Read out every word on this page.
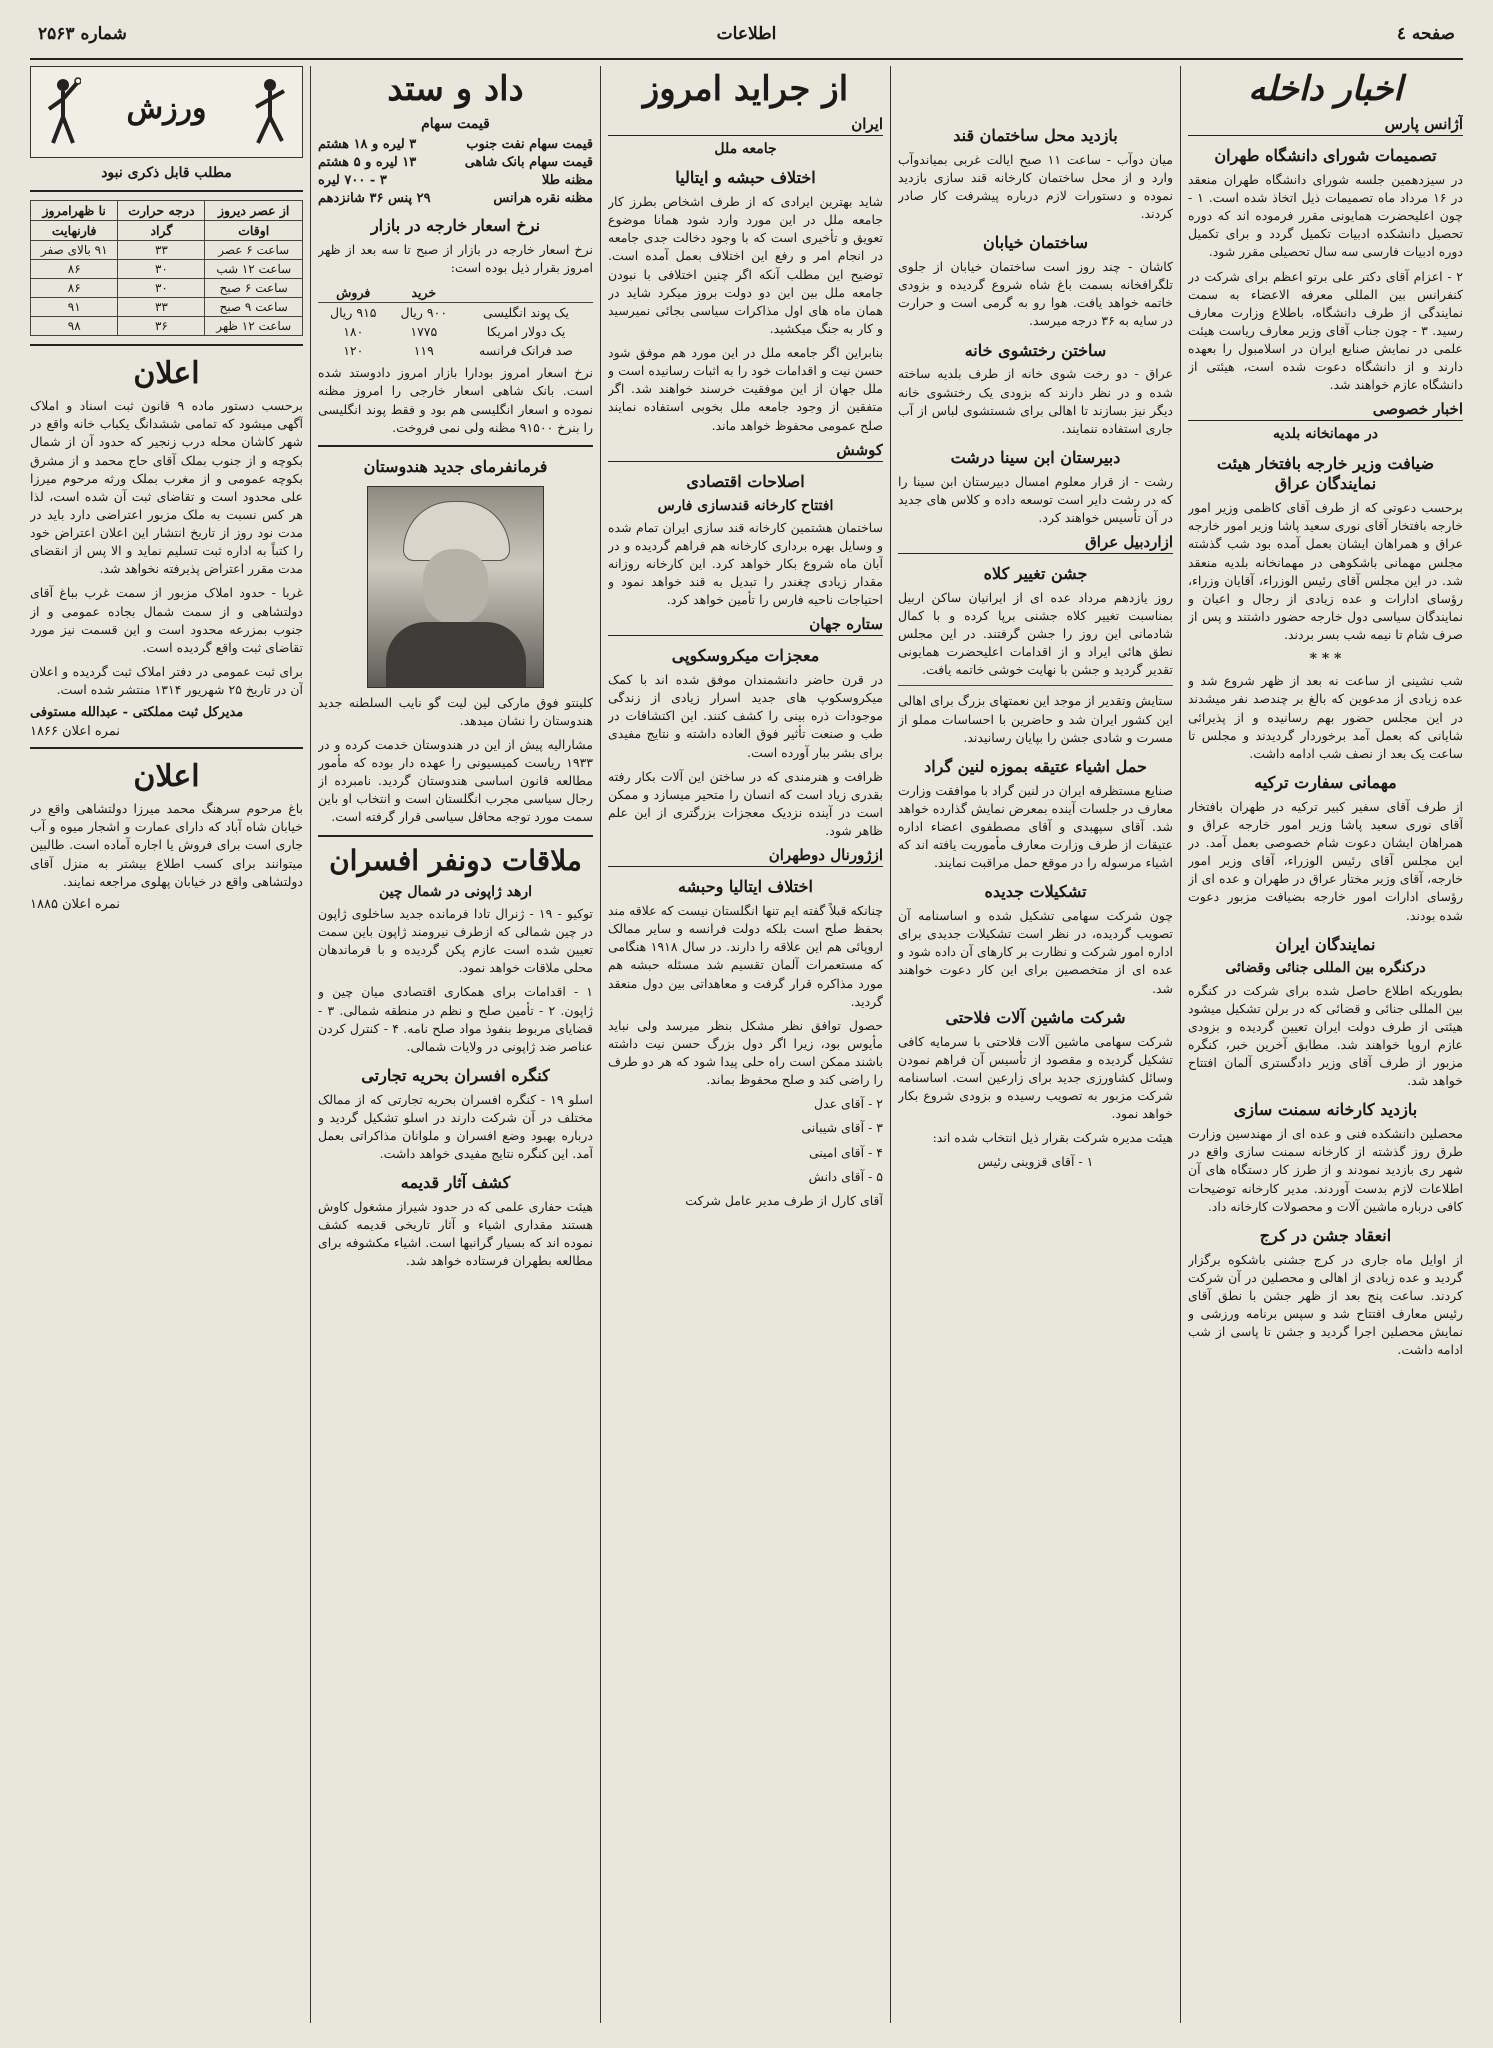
صفحه ٤
اطلاعات
شماره ۲۵۶۳
اخبار داخله
آژانس پارس
تصمیمات شورای دانشگاه طهران
در سیزدهمین جلسه شورای دانشگاه طهران منعقد در ۱۶ مرداد ماه تصمیمات ذیل اتخاذ شده است. ۱ - چون اعلیحضرت همایونی مقرر فرموده اند که دوره تحصیل دانشکده ادبیات تکمیل گردد و برای تکمیل دوره ادبیات فارسی سه سال تحصیلی مقرر شود.
۲ - اعزام آقای دکتر علی برتو اعظم برای شرکت در کنفرانس بین المللی معرفه الاعضاء به سمت نمایندگی از طرف دانشگاه، باطلاع وزارت معارف رسید. ۳ - چون جناب آقای وزیر معارف ریاست هیئت علمی در نمایش صنایع ایران در اسلامبول را بعهده دارند و از دانشگاه دعوت شده است، هیئتی از دانشگاه عازم خواهند شد.
اخبار خصوصی
در مهمانخانه بلدیه
ضیافت وزیر خارجه بافتخار هیئت نمایندگان عراق
برحسب دعوتی که از طرف آقای کاظمی وزیر امور خارجه بافتخار آقای نوری سعید پاشا وزیر امور خارجه عراق و همراهان ایشان بعمل آمده بود شب گذشته مجلس مهمانی باشکوهی در مهمانخانه بلدیه منعقد شد. در این مجلس آقای رئیس الوزراء، آقایان وزراء، رؤسای ادارات و عده زیادی از رجال و اعیان و نمایندگان سیاسی دول خارجه حضور داشتند و پس از صرف شام تا نیمه شب بسر بردند.
* * *
شب نشینی از ساعت نه بعد از ظهر شروع شد و عده زیادی از مدعوین که بالغ بر چندصد نفر میشدند در این مجلس حضور بهم رسانیده و از پذیرائی شایانی که بعمل آمد برخوردار گردیدند و مجلس تا ساعت یک بعد از نصف شب ادامه داشت.
مهمانی سفارت ترکیه
از طرف آقای سفیر کبیر ترکیه در طهران بافتخار آقای نوری سعید پاشا وزیر امور خارجه عراق و همراهان ایشان دعوت شام خصوصی بعمل آمد. در این مجلس آقای رئیس الوزراء، آقای وزیر امور خارجه، آقای وزیر مختار عراق در طهران و عده ای از رؤسای ادارات امور خارجه بضیافت مزبور دعوت شده بودند.
نمایندگان ایران
درکنگره بین المللی جنائی وقضائی
بطوریکه اطلاع حاصل شده برای شرکت در کنگره بین المللی جنائی و قضائی که در برلن تشکیل میشود هیئتی از طرف دولت ایران تعیین گردیده و بزودی عازم اروپا خواهند شد. مطابق آخرین خبر، کنگره مزبور از طرف آقای وزیر دادگستری آلمان افتتاح خواهد شد.
بازدید کارخانه سمنت سازی
محصلین دانشکده فنی و عده ای از مهندسین وزارت طرق روز گذشته از کارخانه سمنت سازی واقع در شهر ری بازدید نمودند و از طرز کار دستگاه های آن اطلاعات لازم بدست آوردند. مدیر کارخانه توضیحات کافی درباره ماشین آلات و محصولات کارخانه داد.
انعقاد جشن در کرج
از اوایل ماه جاری در کرج جشنی باشکوه برگزار گردید و عده زیادی از اهالی و محصلین در آن شرکت کردند. ساعت پنج بعد از ظهر جشن با نطق آقای رئیس معارف افتتاح شد و سپس برنامه ورزشی و نمایش محصلین اجرا گردید و جشن تا پاسی از شب ادامه داشت.
بازدید محل ساختمان قند
میان دوآب - ساعت ۱۱ صبح ایالت غربی بمیاندوآب وارد و از محل ساختمان کارخانه قند سازی بازدید نموده و دستورات لازم درباره پیشرفت کار صادر کردند.
ساختمان خیابان
کاشان - چند روز است ساختمان خیابان از جلوی تلگرافخانه بسمت باغ شاه شروع گردیده و بزودی خاتمه خواهد یافت. هوا رو به گرمی است و حرارت در سایه به ۳۶ درجه میرسد.
ساختن رختشوی خانه
عراق - دو رخت شوی خانه از طرف بلدیه ساخته شده و در نظر دارند که بزودی یک رختشوی خانه دیگر نیز بسازند تا اهالی برای شستشوی لباس از آب جاری استفاده ننمایند.
دبیرستان ابن سینا درشت
رشت - از قرار معلوم امسال دبیرستان ابن سینا را که در رشت دایر است توسعه داده و کلاس های جدید در آن تأسیس خواهند کرد.
ازاردبیل عراق
جشن تغییر کلاه
روز یازدهم مرداد عده ای از ایرانیان ساکن اربیل بمناسبت تغییر کلاه جشنی برپا کرده و با کمال شادمانی این روز را جشن گرفتند. در این مجلس نطق هائی ایراد و از اقدامات اعلیحضرت همایونی تقدیر گردید و جشن با نهایت خوشی خاتمه یافت.
ستایش وتقدیر از موجد این نعمتهای بزرگ برای اهالی این کشور ایران شد و حاضرین با احساسات مملو از مسرت و شادی جشن را بپایان رسانیدند.
حمل اشیاء عتیقه بموزه لنین گراد
صنایع مستظرفه ایران در لنین گراد با موافقت وزارت معارف در جلسات آینده بمعرض نمایش گذارده خواهد شد. آقای سپهبدی و آقای مصطفوی اعضاء اداره عتیقات از طرف وزارت معارف مأموریت یافته اند که اشیاء مرسوله را در موقع حمل مراقبت نمایند.
تشکیلات جدیده
چون شرکت سهامی تشکیل شده و اساسنامه آن تصویب گردیده، در نظر است تشکیلات جدیدی برای اداره امور شرکت و نظارت بر کارهای آن داده شود و عده ای از متخصصین برای این کار دعوت خواهند شد.
شرکت ماشین آلات فلاحتی
شرکت سهامی ماشین آلات فلاحتی با سرمایه کافی تشکیل گردیده و مقصود از تأسیس آن فراهم نمودن وسائل کشاورزی جدید برای زارعین است. اساسنامه شرکت مزبور به تصویب رسیده و بزودی شروع بکار خواهد نمود.
هیئت مدیره شرکت بقرار ذیل انتخاب شده اند:
۱ - آقای قزوینی رئیس
از جراید امروز
ایران
جامعه ملل
اختلاف حبشه و ایتالیا
شاید بهترین ایرادی که از طرف اشخاص بطرز کار جامعه ملل در این مورد وارد شود همانا موضوع تعویق و تأخیری است که با وجود دخالت جدی جامعه در انجام امر و رفع این اختلاف بعمل آمده است. توضیح این مطلب آنکه اگر چنین اختلافی با نبودن جامعه ملل بین این دو دولت بروز میکرد شاید در همان ماه های اول مذاکرات سیاسی بجائی نمیرسید و کار به جنگ میکشید.
بنابراین اگر جامعه ملل در این مورد هم موفق شود حسن نیت و اقدامات خود را به اثبات رسانیده است و ملل جهان از این موفقیت خرسند خواهند شد. اگر متفقین از وجود جامعه ملل بخوبی استفاده نمایند صلح عمومی محفوظ خواهد ماند.
کوشش
اصلاحات اقتصادی
افتتاح کارخانه قندسازی فارس
ساختمان هشتمین کارخانه قند سازی ایران تمام شده و وسایل بهره برداری کارخانه هم فراهم گردیده و در آبان ماه شروع بکار خواهد کرد. این کارخانه روزانه مقدار زیادی چغندر را تبدیل به قند خواهد نمود و احتیاجات ناحیه فارس را تأمین خواهد کرد.
ستاره جهان
معجزات میکروسکوپی
در قرن حاضر دانشمندان موفق شده اند با کمک میکروسکوپ های جدید اسرار زیادی از زندگی موجودات ذره بینی را کشف کنند. این اکتشافات در طب و صنعت تأثیر فوق العاده داشته و نتایج مفیدی برای بشر ببار آورده است.
ظرافت و هنرمندی که در ساختن این آلات بکار رفته بقدری زیاد است که انسان را متحیر میسازد و ممکن است در آینده نزدیک معجزات بزرگتری از این علم ظاهر شود.
ازژورنال دوطهران
اختلاف ایتالیا وحبشه
چنانکه قبلاً گفته ایم تنها انگلستان نیست که علاقه مند بحفظ صلح است بلکه دولت فرانسه و سایر ممالک اروپائی هم این علاقه را دارند. در سال ۱۹۱۸ هنگامی که مستعمرات آلمان تقسیم شد مسئله حبشه هم مورد مذاکره قرار گرفت و معاهداتی بین دول منعقد گردید.
حصول توافق نظر مشکل بنظر میرسد ولی نباید مأیوس بود، زیرا اگر دول بزرگ حسن نیت داشته باشند ممکن است راه حلی پیدا شود که هر دو طرف را راضی کند و صلح محفوظ بماند.
۲ - آقای عدل
۳ - آقای شیبانی
۴ - آقای امینی
۵ - آقای دانش
آقای کارل از طرف مدیر عامل شرکت
داد و ستد
قیمت سهام
قیمت سهام نفت جنوب
۳ لیره و ۱۸ هشتم
قیمت سهام بانک شاهی
۱۳ لیره و ۵ هشتم
مظنه طلا
۳ - ۷۰۰ لیره
مظنه نقره هرانس
۲۹ پنس ۳۶ شانزدهم
نرخ اسعار خارجه در بازار
نرخ اسعار خارجه در بازار از صبح تا سه بعد از ظهر امروز بقرار ذیل بوده است:
	خرید	فروش
یک پوند انگلیسی	۹۰۰ ریال	۹۱۵ ریال
یک دولار امریکا	۱۷۷۵	۱۸۰
صد فرانک فرانسه	۱۱۹	۱۲۰
نرخ اسعار امروز بودارا بازار امروز دادوستد شده است. بانک شاهی اسعار خارجی را امروز مظنه نموده و اسعار انگلیسی هم بود و فقط پوند انگلیسی را بنرخ ۹۱۵۰۰ مظنه ولی نمی فروخت.
فرمانفرمای جدید هندوستان
کلینتو فوق مارکی لین لیت گو نایب السلطنه جدید هندوستان را نشان میدهد.
مشارالیه پیش از این در هندوستان خدمت کرده و در ۱۹۳۳ ریاست کمیسیونی را عهده دار بوده که مأمور مطالعه قانون اساسی هندوستان گردید. نامبرده از رجال سیاسی مجرب انگلستان است و انتخاب او باین سمت مورد توجه محافل سیاسی قرار گرفته است.
ملاقات دونفر افسران
ارهد ژاپونی در شمال چین
توکیو - ۱۹ - ژنرال تادا فرمانده جدید ساخلوی ژاپون در چین شمالی که ازطرف نیرومند ژاپون باین سمت تعیین شده است عازم پکن گردیده و با فرماندهان محلی ملاقات خواهد نمود.
۱ - اقدامات برای همکاری اقتصادی میان چین و ژاپون. ۲ - تأمین صلح و نظم در منطقه شمالی. ۳ - قضایای مربوط بنفوذ مواد صلح نامه. ۴ - کنترل کردن عناصر ضد ژاپونی در ولایات شمالی.
کنگره افسران بحریه تجارتی
اسلو ۱۹ - کنگره افسران بحریه تجارتی که از ممالک مختلف در آن شرکت دارند در اسلو تشکیل گردید و درباره بهبود وضع افسران و ملوانان مذاکراتی بعمل آمد. این کنگره نتایج مفیدی خواهد داشت.
کشف آثار قدیمه
هیئت حفاری علمی که در حدود شیراز مشغول کاوش هستند مقداری اشیاء و آثار تاریخی قدیمه کشف نموده اند که بسیار گرانبها است. اشیاء مکشوفه برای مطالعه بطهران فرستاده خواهد شد.
ورزش
مطلب قابل ذکری نبود
از عصر دیروز	درجه حرارت	نا ظهرامروز
اوقات	گراد	فارنهایت
ساعت ۶ عصر	۳۳	۹۱ بالای صفر
ساعت ۱۲ شب	۳۰	۸۶
ساعت ۶ صبح	۳۰	۸۶
ساعت ۹ صبح	۳۳	۹۱
ساعت ۱۲ ظهر	۳۶	۹۸
اعلان
برحسب دستور ماده ۹ قانون ثبت اسناد و املاک آگهی میشود که تمامی ششدانگ یکباب خانه واقع در شهر کاشان محله درب زنجیر که حدود آن از شمال بکوچه و از جنوب بملک آقای حاج محمد و از مشرق بکوچه عمومی و از مغرب بملک ورثه مرحوم میرزا علی محدود است و تقاضای ثبت آن شده است، لذا هر کس نسبت به ملک مزبور اعتراضی دارد باید در مدت نود روز از تاریخ انتشار این اعلان اعتراض خود را کتباً به اداره ثبت تسلیم نماید و الا پس از انقضای مدت مقرر اعتراض پذیرفته نخواهد شد.
غربا - حدود املاک مزبور از سمت غرب بباغ آقای دولتشاهی و از سمت شمال بجاده عمومی و از جنوب بمزرعه محدود است و این قسمت نیز مورد تقاضای ثبت واقع گردیده است.
برای ثبت عمومی در دفتر املاک ثبت گردیده و اعلان آن در تاریخ ۲۵ شهریور ۱۳۱۴ منتشر شده است.
مدیرکل ثبت مملکتی - عبدالله مستوفی
نمره اعلان ۱۸۶۶
اعلان
باغ مرحوم سرهنگ محمد میرزا دولتشاهی واقع در خیابان شاه آباد که دارای عمارت و اشجار میوه و آب جاری است برای فروش یا اجاره آماده است. طالبین میتوانند برای کسب اطلاع بیشتر به منزل آقای دولتشاهی واقع در خیابان پهلوی مراجعه نمایند.
نمره اعلان ۱۸۸۵
